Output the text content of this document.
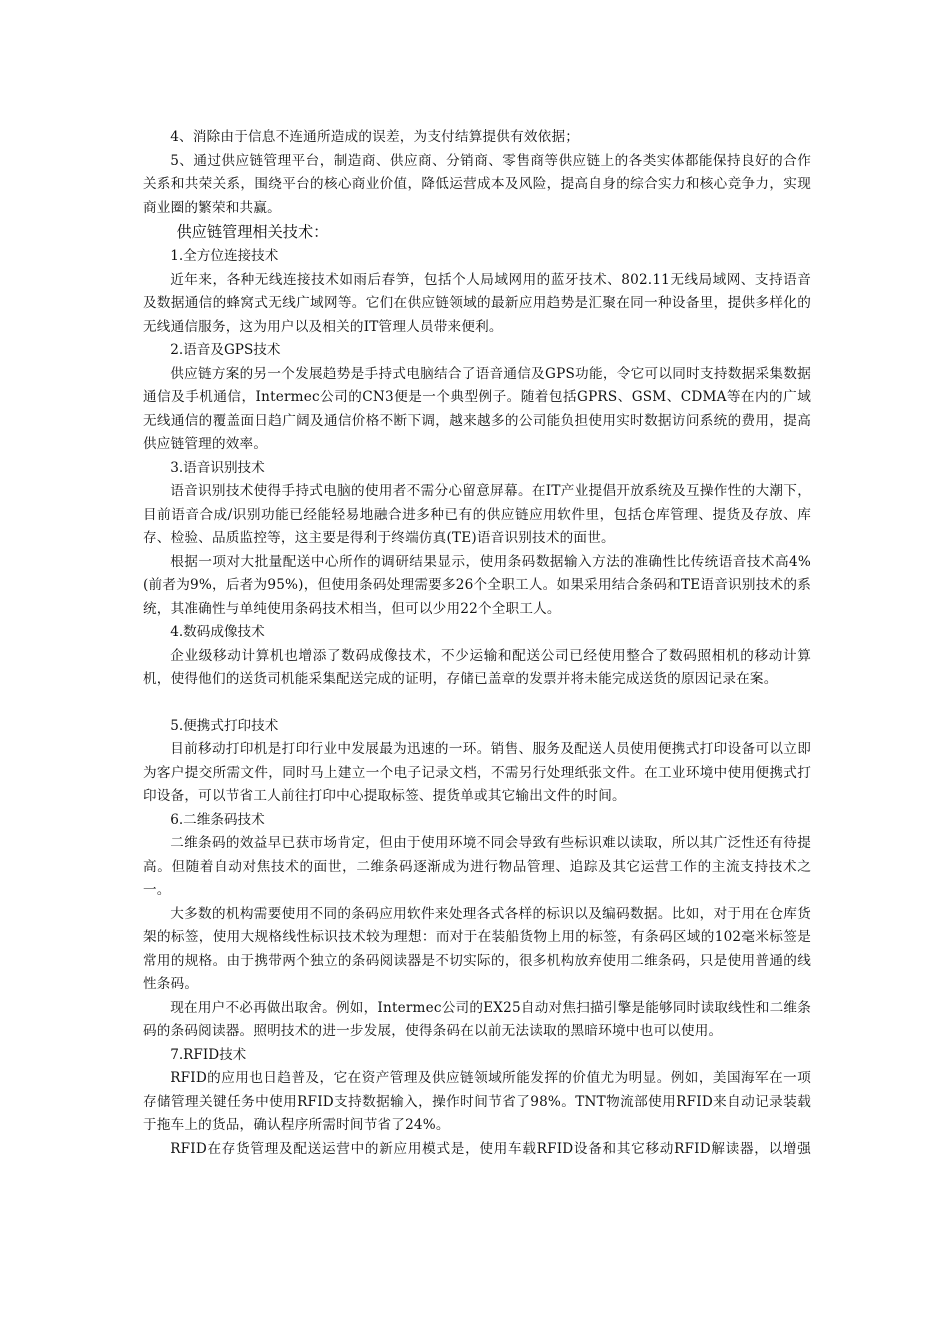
4、消除由于信息不连通所造成的误差，为支付结算提供有效依据；

5、通过供应链管理平台，制造商、供应商、分销商、零售商等供应链上的各类实体都能保持良好的合作关系和共荣关系，围绕平台的核心商业价值，降低运营成本及风险，提高自身的综合实力和核心竞争力，实现商业圈的繁荣和共赢。

供应链管理相关技术：

1.全方位连接技术

近年来，各种无线连接技术如雨后春笋，包括个人局域网用的蓝牙技术、802.11无线局域网、支持语音及数据通信的蜂窝式无线广域网等。它们在供应链领域的最新应用趋势是汇聚在同一种设备里，提供多样化的无线通信服务，这为用户以及相关的IT管理人员带来便利。

2.语音及GPS技术

供应链方案的另一个发展趋势是手持式电脑结合了语音通信及GPS功能，令它可以同时支持数据采集数据通信及手机通信，Intermec公司的CN3便是一个典型例子。随着包括GPRS、GSM、CDMA等在内的广域无线通信的覆盖面日趋广阔及通信价格不断下调，越来越多的公司能负担使用实时数据访问系统的费用，提高供应链管理的效率。

3.语音识别技术

语音识别技术使得手持式电脑的使用者不需分心留意屏幕。在IT产业提倡开放系统及互操作性的大潮下，目前语音合成/识别功能已经能轻易地融合进多种已有的供应链应用软件里，包括仓库管理、提货及存放、库存、检验、品质监控等，这主要是得利于终端仿真(TE)语音识别技术的面世。

根据一项对大批量配送中心所作的调研结果显示，使用条码数据输入方法的准确性比传统语音技术高4%(前者为9%，后者为95%)，但使用条码处理需要多26个全职工人。如果采用结合条码和TE语音识别技术的系统，其准确性与单纯使用条码技术相当，但可以少用22个全职工人。

4.数码成像技术

企业级移动计算机也增添了数码成像技术，不少运输和配送公司已经使用整合了数码照相机的移动计算机，使得他们的送货司机能采集配送完成的证明，存储已盖章的发票并将未能完成送货的原因记录在案。

5.便携式打印技术

目前移动打印机是打印行业中发展最为迅速的一环。销售、服务及配送人员使用便携式打印设备可以立即为客户提交所需文件，同时马上建立一个电子记录文档，不需另行处理纸张文件。在工业环境中使用便携式打印设备，可以节省工人前往打印中心提取标签、提货单或其它输出文件的时间。

6.二维条码技术

二维条码的效益早已获市场肯定，但由于使用环境不同会导致有些标识难以读取，所以其广泛性还有待提高。但随着自动对焦技术的面世，二维条码逐渐成为进行物品管理、追踪及其它运营工作的主流支持技术之一。

大多数的机构需要使用不同的条码应用软件来处理各式各样的标识以及编码数据。比如，对于用在仓库货架的标签，使用大规格线性标识技术较为理想：而对于在装船货物上用的标签，有条码区域的102毫米标签是常用的规格。由于携带两个独立的条码阅读器是不切实际的，很多机构放弃使用二维条码，只是使用普通的线性条码。

现在用户不必再做出取舍。例如，Intermec公司的EX25自动对焦扫描引擎是能够同时读取线性和二维条码的条码阅读器。照明技术的进一步发展，使得条码在以前无法读取的黑暗环境中也可以使用。

7.RFID技术

RFID的应用也日趋普及，它在资产管理及供应链领域所能发挥的价值尤为明显。例如，美国海军在一项存储管理关键任务中使用RFID支持数据输入，操作时间节省了98%。TNT物流部使用RFID来自动记录装载于拖车上的货品，确认程序所需时间节省了24%。

RFID在存货管理及配送运营中的新应用模式是，使用车载RFID设备和其它移动RFID解读器，以增强
